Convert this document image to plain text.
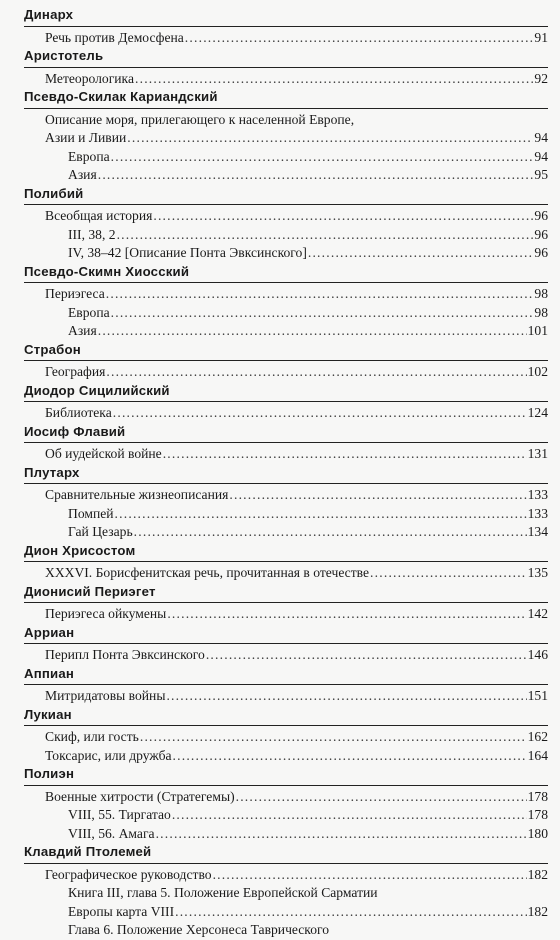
Динарх
Речь против Демосфена .....	91
Аристотель
Метеорологика .....	92
Псевдо-Скилак Кариандский
Описание моря, прилегающего к населенной Европе,
Азии и Ливии .....	94
Европа .....	94
Азия .....	95
Полибий
Всеобщая история .....	96
III, 38, 2 .....	96
IV, 38–42 [Описание Понта Эвксинского] .....	96
Псевдо-Скимн Хиосский
Периэгеса .....	98
Европа .....	98
Азия .....	101
Страбон
География .....	102
Диодор Сицилийский
Библиотека .....	124
Иосиф Флавий
Об иудейской войне .....	131
Плутарх
Сравнительные жизнеописания .....	133
Помпей .....	133
Гай Цезарь .....	134
Дион Хрисостом
XXXVI. Борисфенитская речь, прочитанная в отечестве .....	135
Дионисий Периэгет
Периэгеса ойкумены .....	142
Арриан
Перипл Понта Эвксинского .....	146
Аппиан
Митридатовы войны .....	151
Лукиан
Скиф, или гость .....	162
Токсарис, или дружба .....	164
Полиэн
Военные хитрости (Стратегемы) .....	178
VIII, 55. Тиргатао .....	178
VIII, 56. Амага .....	180
Клавдий Птолемей
Географическое руководство .....	182
Книга III, глава 5. Положение Европейской Сарматии
Европы карта VIII .....	182
Глава 6. Положение Херсонеса Таврического
